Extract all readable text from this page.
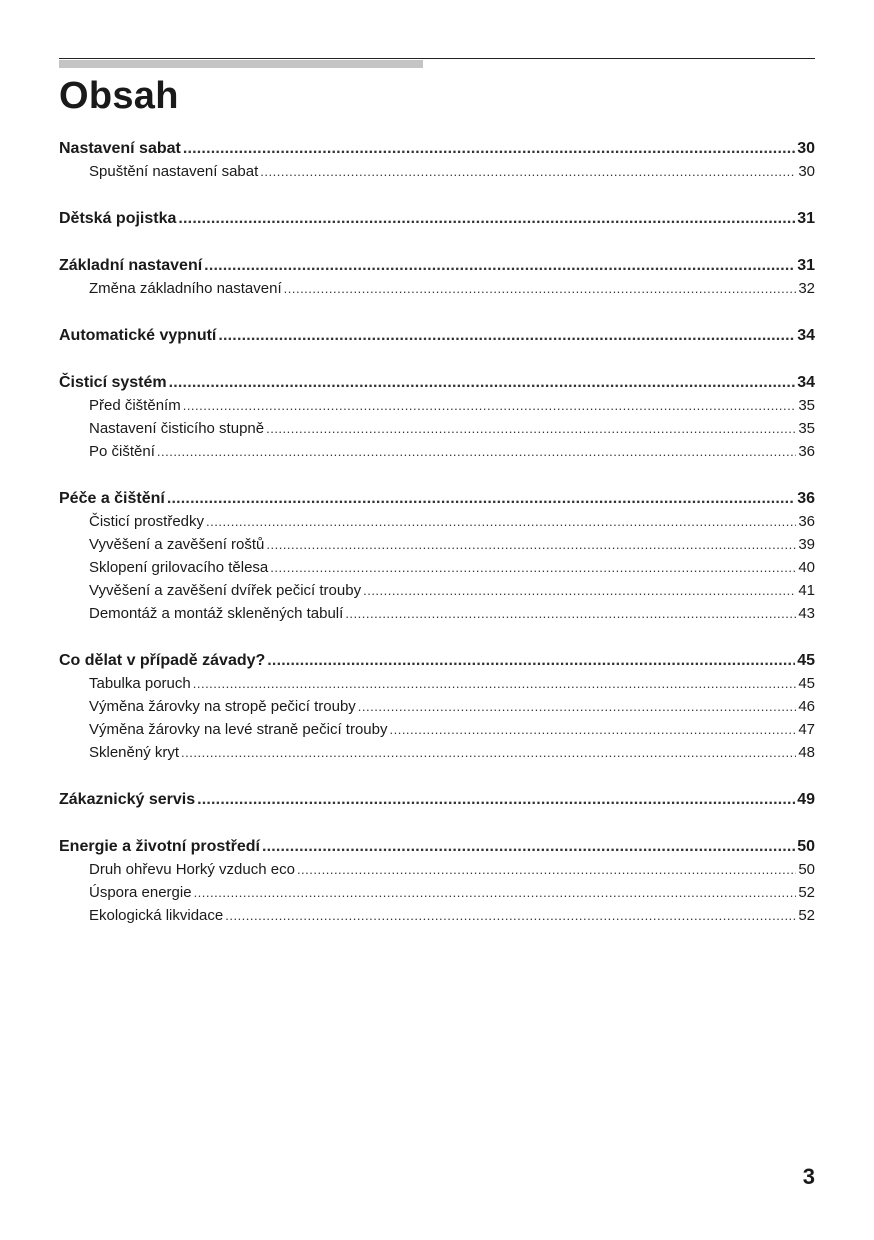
Obsah
Nastavení sabat .....	30
Spuštění nastavení sabat .....	30
Dětská pojistka .....	31
Základní nastavení .....	31
Změna základního nastavení .....	32
Automatické vypnutí .....	34
Čisticí systém .....	34
Před čištěním .....	35
Nastavení čisticího stupně .....	35
Po čištění .....	36
Péče a čištění .....	36
Čisticí prostředky .....	36
Vyvěšení a zavěšení roštů .....	39
Sklopení grilovacího tělesa .....	40
Vyvěšení a zavěšení dvířek pečicí trouby .....	41
Demontáž a montáž skleněných tabulí .....	43
Co dělat v případě závady? .....	45
Tabulka poruch .....	45
Výměna žárovky na stropě pečicí trouby .....	46
Výměna žárovky na levé straně pečicí trouby .....	47
Skleněný kryt .....	48
Zákaznický servis .....	49
Energie a životní prostředí .....	50
Druh ohřevu Horký vzduch eco .....	50
Úspora energie .....	52
Ekologická likvidace .....	52
3
